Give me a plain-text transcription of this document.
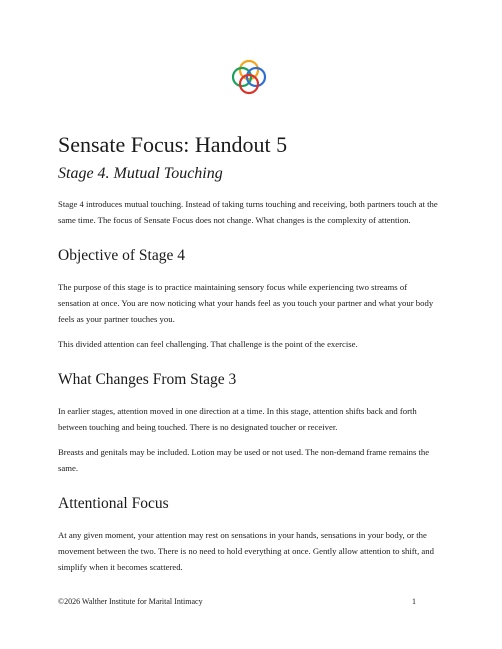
Sensate Focus: Handout 5
Stage 4. Mutual Touching

Stage 4 introduces mutual touching. Instead of taking turns touching and receiving, both partners touch at the same time. The focus of Sensate Focus does not change. What changes is the complexity of attention.

Objective of Stage 4

The purpose of this stage is to practice maintaining sensory focus while experiencing two streams of sensation at once. You are now noticing what your hands feel as you touch your partner and what your body feels as your partner touches you.

This divided attention can feel challenging. That challenge is the point of the exercise.

What Changes From Stage 3

In earlier stages, attention moved in one direction at a time. In this stage, attention shifts back and forth between touching and being touched. There is no designated toucher or receiver.

Breasts and genitals may be included. Lotion may be used or not used. The non-demand frame remains the same.

Attentional Focus

At any given moment, your attention may rest on sensations in your hands, sensations in your body, or the movement between the two. There is no need to hold everything at once. Gently allow attention to shift, and simplify when it becomes scattered.

©2026 Walther Institute for Marital Intimacy	1
